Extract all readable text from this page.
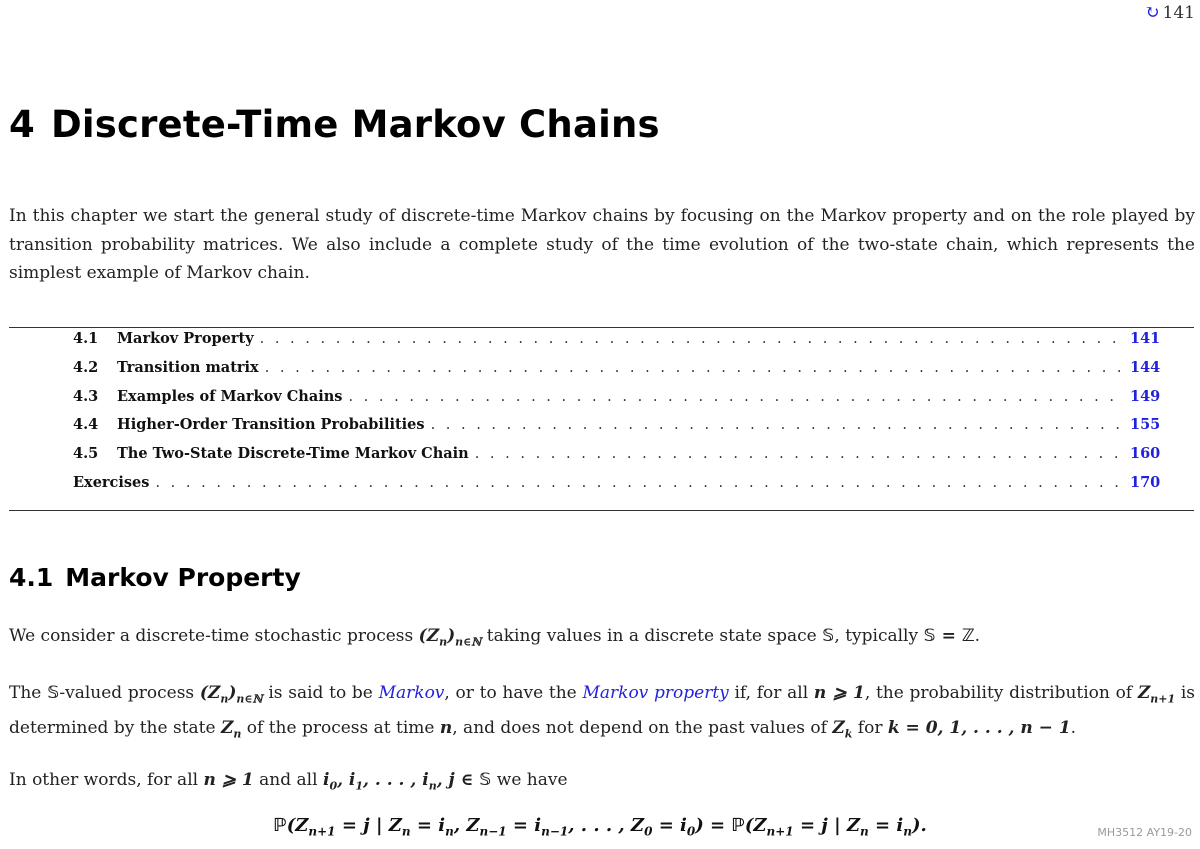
↻ 141
4 Discrete-Time Markov Chains

In this chapter we start the general study of discrete-time Markov chains by focusing on the Markov property and on the role played by transition probability matrices. We also include a complete study of the time evolution of the two-state chain, which represents the simplest example of Markov chain.

4.1	Markov Property . . .	141
4.2	Transition matrix . . .	144
4.3	Examples of Markov Chains . . .	149
4.4	Higher-Order Transition Probabilities . . .	155
4.5	The Two-State Discrete-Time Markov Chain . . .	160
Exercises . . .	170
4.1 Markov Property

We consider a discrete-time stochastic process $(Z_n)_{n\in ℕ}$ taking values in a discrete state space 𝕊, typically 𝕊 = ℤ.

The 𝕊-valued process $(Z_n)_{n\in ℕ}$ is said to be Markov, or to have the Markov property if, for all n ⩾ 1, the probability distribution of $Z_{n+1}$ is determined by the state $Z_n$ of the process at time n, and does not depend on the past values of $Z_k$ for k = 0, 1, . . . , n − 1.

In other words, for all n ⩾ 1 and all $i_0$, $i_1$, . . . , $i_n$, j ∈ 𝕊 we have

$ℙ(Z_{n+1} = j$ | $Z_n = i_n$, $Z_{n-1} = i_{n-1}$, . . . , $Z_0 = i_0$) = $ℙ(Z_{n+1} = j$ | $Z_n = i_n$).	MH3512 AY19-20
